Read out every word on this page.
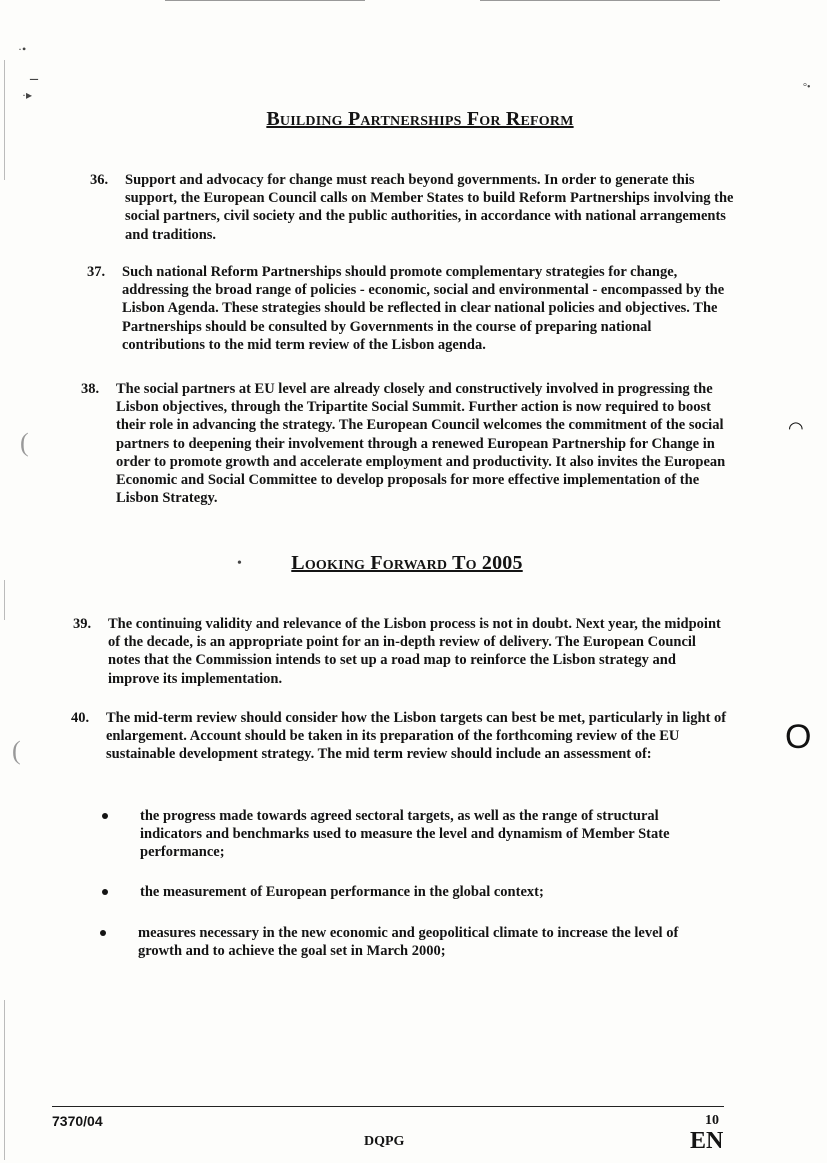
·•
–
·▸
(
(	O
◠
°•
•
Building Partnerships For Reform
36. Support and advocacy for change must reach beyond governments. In order to generate this support, the European Council calls on Member States to build Reform Partnerships involving the social partners, civil society and the public authorities, in accordance with national arrangements and traditions.
37. Such national Reform Partnerships should promote complementary strategies for change, addressing the broad range of policies - economic, social and environmental - encompassed by the Lisbon Agenda. These strategies should be reflected in clear national policies and objectives. The Partnerships should be consulted by Governments in the course of preparing national contributions to the mid term review of the Lisbon agenda.
38. The social partners at EU level are already closely and constructively involved in progressing the Lisbon objectives, through the Tripartite Social Summit. Further action is now required to boost their role in advancing the strategy. The European Council welcomes the commitment of the social partners to deepening their involvement through a renewed European Partnership for Change in order to promote growth and accelerate employment and productivity. It also invites the European Economic and Social Committee to develop proposals for more effective implementation of the Lisbon Strategy.
Looking Forward To 2005
39. The continuing validity and relevance of the Lisbon process is not in doubt. Next year, the midpoint of the decade, is an appropriate point for an in-depth review of delivery. The European Council notes that the Commission intends to set up a road map to reinforce the Lisbon strategy and improve its implementation.
40. The mid-term review should consider how the Lisbon targets can best be met, particularly in light of enlargement. Account should be taken in its preparation of the forthcoming review of the EU sustainable development strategy. The mid term review should include an assessment of:
the progress made towards agreed sectoral targets, as well as the range of structural indicators and benchmarks used to measure the level and dynamism of Member State performance;
the measurement of European performance in the global context;
measures necessary in the new economic and geopolitical climate to increase the level of growth and to achieve the goal set in March 2000;
7370/04
DQPG
10
EN
